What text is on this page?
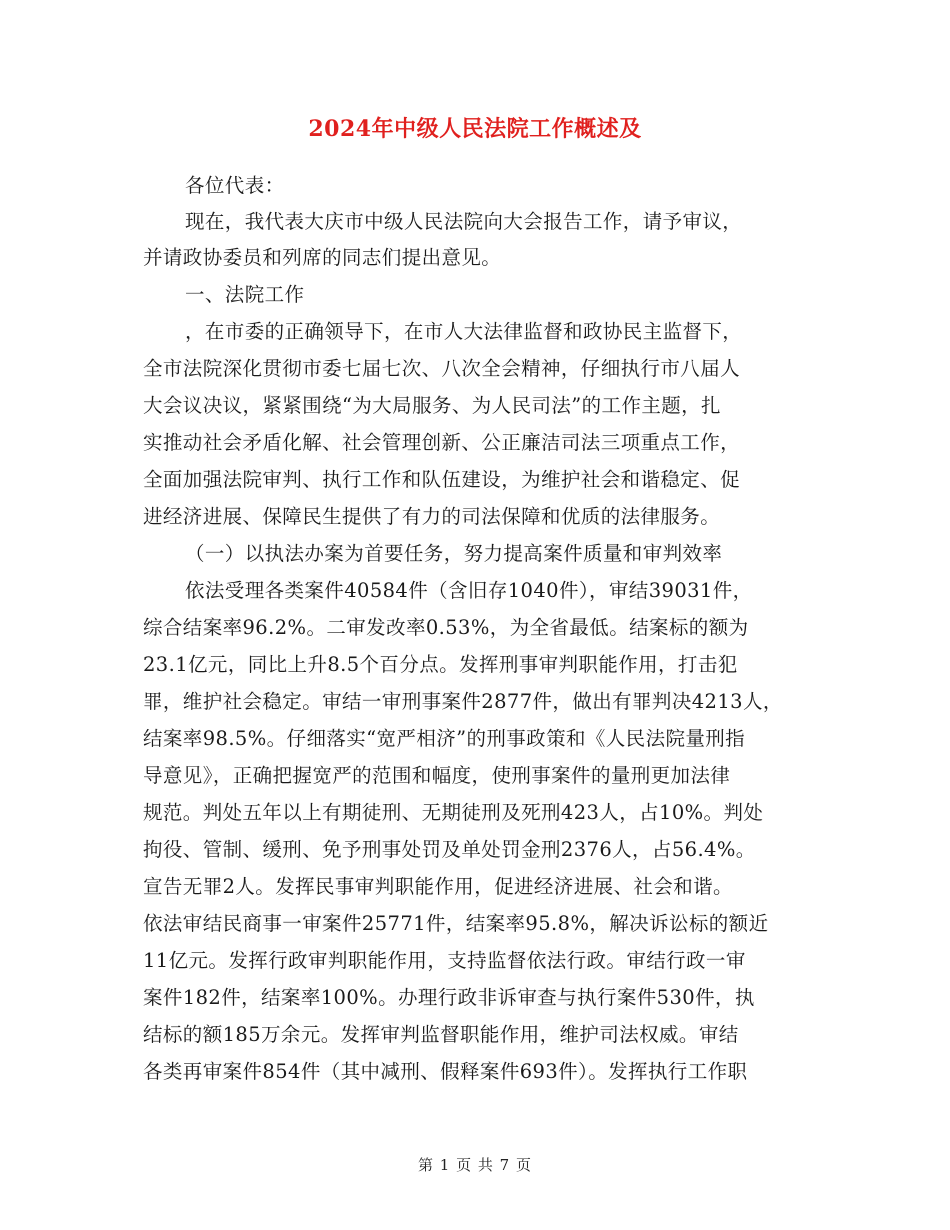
2024年中级人民法院工作概述及
各位代表：
现在，我代表大庆市中级人民法院向大会报告工作，请予审议，
并请政协委员和列席的同志们提出意见。
一、法院工作
，在市委的正确领导下，在市人大法律监督和政协民主监督下，
全市法院深化贯彻市委七届七次、八次全会精神，仔细执行市八届人
大会议决议，紧紧围绕“为大局服务、为人民司法”的工作主题，扎
实推动社会矛盾化解、社会管理创新、公正廉洁司法三项重点工作，
全面加强法院审判、执行工作和队伍建设，为维护社会和谐稳定、促
进经济进展、保障民生提供了有力的司法保障和优质的法律服务。
（一）以执法办案为首要任务，努力提高案件质量和审判效率
依法受理各类案件40584件（含旧存1040件），审结39031件，
综合结案率96.2%。二审发改率0.53%，为全省最低。结案标的额为
23.1亿元，同比上升8.5个百分点。发挥刑事审判职能作用，打击犯
罪，维护社会稳定。审结一审刑事案件2877件，做出有罪判决4213人，
结案率98.5%。仔细落实“宽严相济”的刑事政策和《人民法院量刑指
导意见》，正确把握宽严的范围和幅度，使刑事案件的量刑更加法律
规范。判处五年以上有期徒刑、无期徒刑及死刑423人，占10%。判处
拘役、管制、缓刑、免予刑事处罚及单处罚金刑2376人，占56.4%。
宣告无罪2人。发挥民事审判职能作用，促进经济进展、社会和谐。
依法审结民商事一审案件25771件，结案率95.8%，解决诉讼标的额近
11亿元。发挥行政审判职能作用，支持监督依法行政。审结行政一审
案件182件，结案率100%。办理行政非诉审查与执行案件530件，执
结标的额185万余元。发挥审判监督职能作用，维护司法权威。审结
各类再审案件854件（其中减刑、假释案件693件）。发挥执行工作职
第 1 页 共 7 页
